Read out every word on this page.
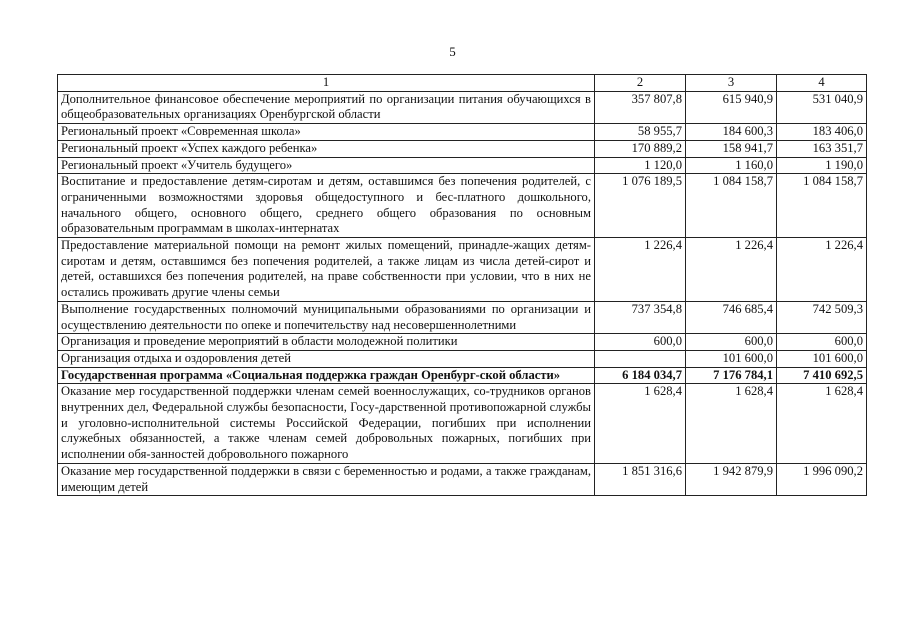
5
1	2	3	4
Дополнительное финансовое обеспечение мероприятий по организации питания обучающихся в общеобразовательных организациях Оренбургской области	357 807,8	615 940,9	531 040,9
Региональный проект «Современная школа»	58 955,7	184 600,3	183 406,0
Региональный проект «Успех каждого ребенка»	170 889,2	158 941,7	163 351,7
Региональный проект «Учитель будущего»	1 120,0	1 160,0	1 190,0
Воспитание и предоставление детям-сиротам и детям, оставшимся без попечения родителей, с ограниченными возможностями здоровья общедоступного и бес-платного дошкольного, начального общего, основного общего, среднего общего образования по основным образовательным программам в школах-интернатах	1 076 189,5	1 084 158,7	1 084 158,7
Предоставление материальной помощи на ремонт жилых помещений, принадле-жащих детям-сиротам и детям, оставшимся без попечения родителей, а также лицам из числа детей-сирот и детей, оставшихся без попечения родителей, на праве собственности при условии, что в них не остались проживать другие члены семьи	1 226,4	1 226,4	1 226,4
Выполнение государственных полномочий муниципальными образованиями по организации и осуществлению деятельности по опеке и попечительству над несовершеннолетними	737 354,8	746 685,4	742 509,3
Организация и проведение мероприятий в области молодежной политики	600,0	600,0	600,0
Организация отдыха и оздоровления детей		101 600,0	101 600,0
Государственная программа «Социальная поддержка граждан Оренбург-ской области»	6 184 034,7	7 176 784,1	7 410 692,5
Оказание мер государственной поддержки членам семей военнослужащих, со-трудников органов внутренних дел, Федеральной службы безопасности, Госу-дарственной противопожарной службы и уголовно-исполнительной системы Российской Федерации, погибших при исполнении служебных обязанностей, а также членам семей добровольных пожарных, погибших при исполнении обя-занностей добровольного пожарного	1 628,4	1 628,4	1 628,4
Оказание мер государственной поддержки в связи с беременностью и родами, а также гражданам, имеющим детей	1 851 316,6	1 942 879,9	1 996 090,2
